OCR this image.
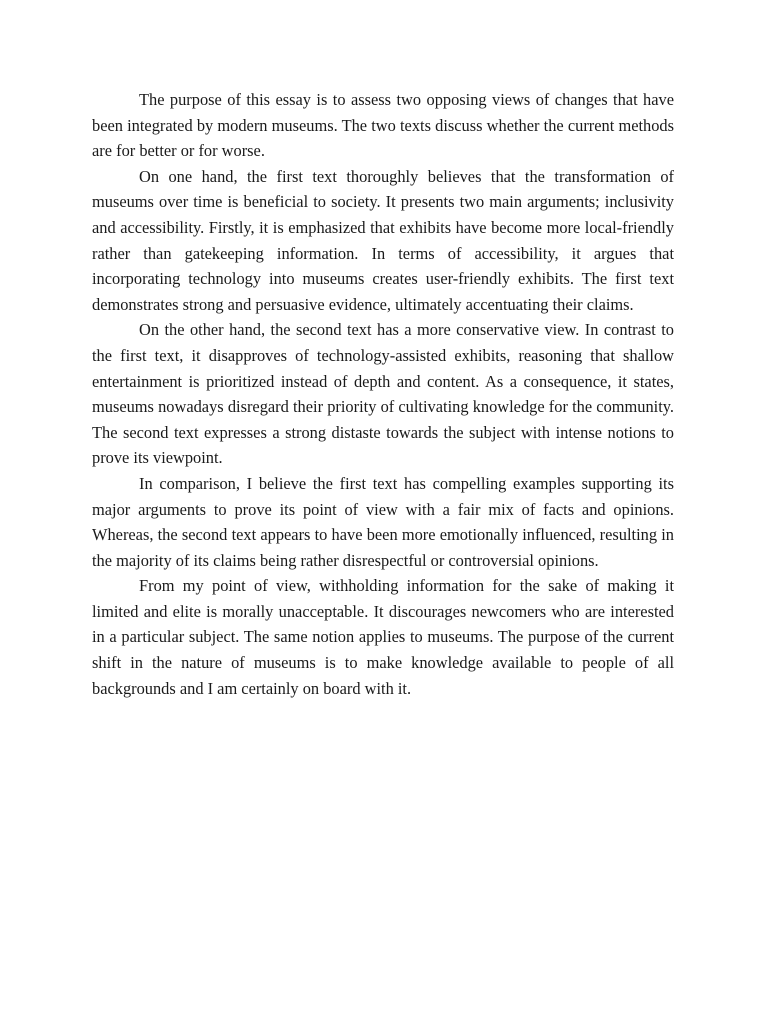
The purpose of this essay is to assess two opposing views of changes that have been integrated by modern museums. The two texts discuss whether the current methods are for better or for worse.

On one hand, the first text thoroughly believes that the transformation of museums over time is beneficial to society. It presents two main arguments; inclusivity and accessibility. Firstly, it is emphasized that exhibits have become more local-friendly rather than gatekeeping information. In terms of accessibility, it argues that incorporating technology into museums creates user-friendly exhibits. The first text demonstrates strong and persuasive evidence, ultimately accentuating their claims.

On the other hand, the second text has a more conservative view. In contrast to the first text, it disapproves of technology-assisted exhibits, reasoning that shallow entertainment is prioritized instead of depth and content. As a consequence, it states, museums nowadays disregard their priority of cultivating knowledge for the community. The second text expresses a strong distaste towards the subject with intense notions to prove its viewpoint.

In comparison, I believe the first text has compelling examples supporting its major arguments to prove its point of view with a fair mix of facts and opinions. Whereas, the second text appears to have been more emotionally influenced, resulting in the majority of its claims being rather disrespectful or controversial opinions.

From my point of view, withholding information for the sake of making it limited and elite is morally unacceptable. It discourages newcomers who are interested in a particular subject. The same notion applies to museums. The purpose of the current shift in the nature of museums is to make knowledge available to people of all backgrounds and I am certainly on board with it.
